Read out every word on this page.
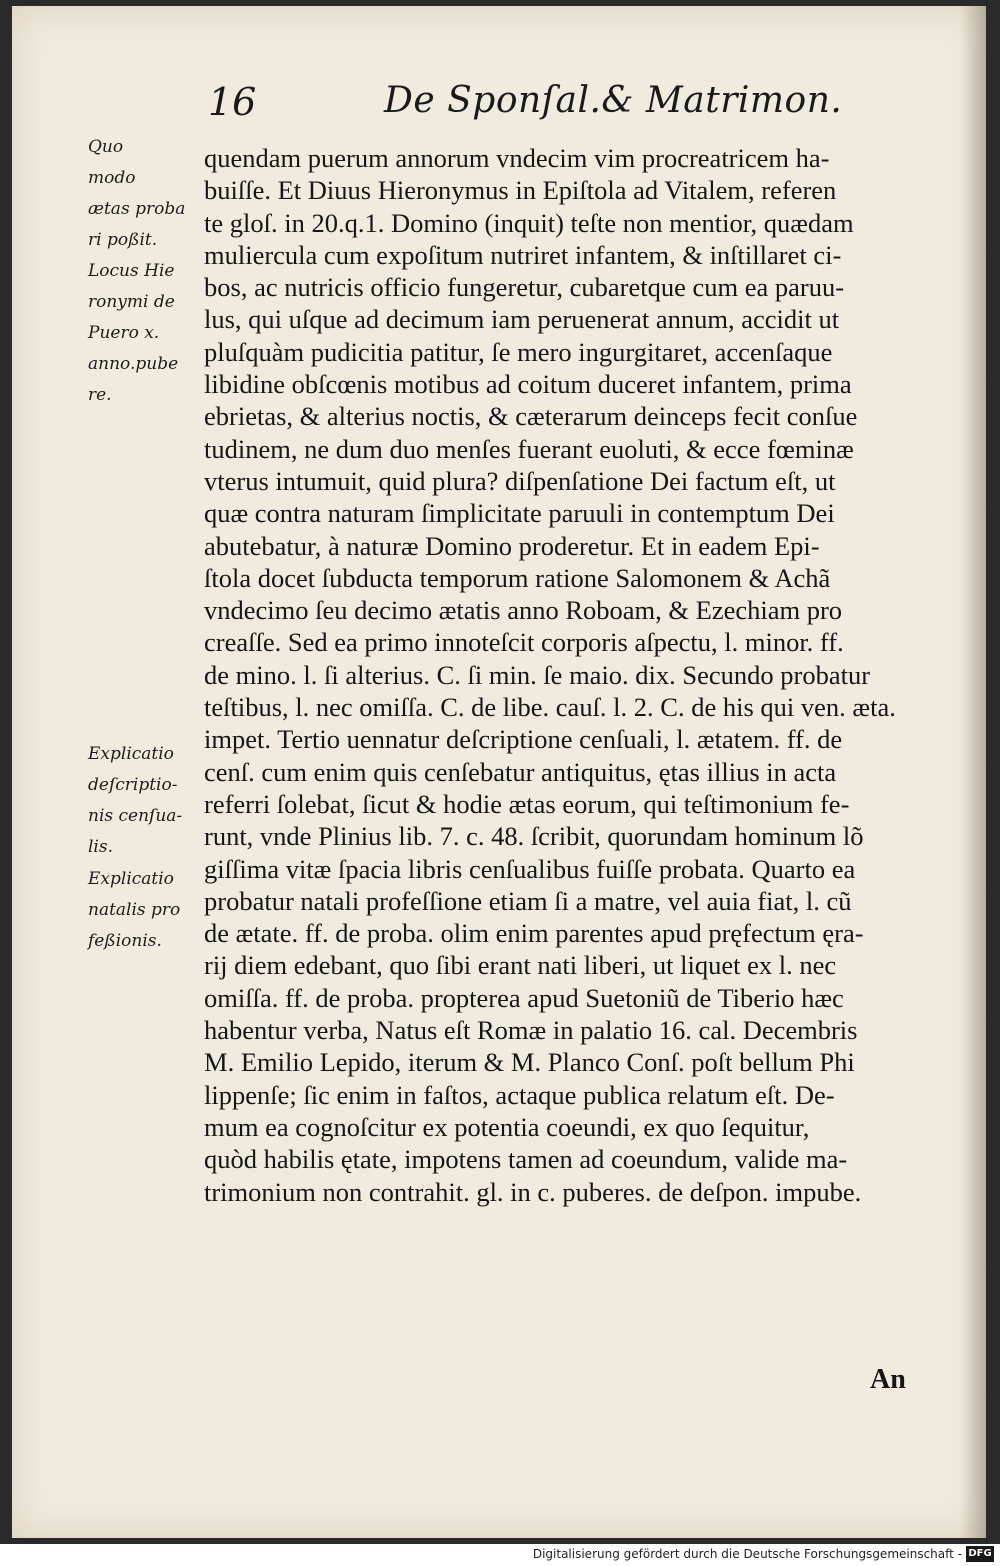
16	De Sponſal.& Matrimon.
Quo
modo
ætas proba
ri poßit.
Locus Hie
ronymi de
Puero x.
anno.pube
re.
Explicatio
deſcriptio-
nis cenſua-
lis.
Explicatio
natalis pro
feßionis.
quendam puerum annorum vndecim vim procreatricem ha-
buiſſe. Et Diuus Hieronymus in Epiſtola ad Vitalem, referen
te gloſ. in 20.q.1. Domino (inquit) teſte non mentior, quædam
muliercula cum expoſitum nutriret infantem, & inſtillaret ci-
bos, ac nutricis officio fungeretur, cubaretque cum ea paruu-
lus, qui uſque ad decimum iam peruenerat annum, accidit ut
pluſquàm pudicitia patitur, ſe mero ingurgitaret, accenſaque
libidine obſcœnis motibus ad coitum duceret infantem, prima
ebrietas, & alterius noctis, & cæterarum deinceps fecit conſue
tudinem, ne dum duo menſes fuerant euoluti, & ecce fœminæ
vterus intumuit, quid plura? diſpenſatione Dei factum eſt, ut
quæ contra naturam ſimplicitate paruuli in contemptum Dei
abutebatur, à naturæ Domino proderetur. Et in eadem Epi-
ſtola docet ſubducta temporum ratione Salomonem & Achã
vndecimo ſeu decimo ætatis anno Roboam, & Ezechiam pro
creaſſe. Sed ea primo innoteſcit corporis aſpectu, l. minor. ff.
de mino. l. ſi alterius. C. ſi min. ſe maio. dix. Secundo probatur
teſtibus, l. nec omiſſa. C. de libe. cauſ. l. 2. C. de his qui ven. æta.
impet. Tertio uennatur deſcriptione cenſuali, l. ætatem. ff. de
cenſ. cum enim quis cenſebatur antiquitus, ętas illius in acta
referri ſolebat, ſicut & hodie ætas eorum, qui teſtimonium fe-
runt, vnde Plinius lib. 7. c. 48. ſcribit, quorundam hominum lõ
giſſima vitæ ſpacia libris cenſualibus fuiſſe probata. Quarto ea
probatur natali profeſſione etiam ſi a matre, vel auia fiat, l. cũ
de ætate. ff. de proba. olim enim parentes apud pręfectum ęra-
rij diem edebant, quo ſibi erant nati liberi, ut liquet ex l. nec
omiſſa. ff. de proba. propterea apud Suetoniũ de Tiberio hæc
habentur verba, Natus eſt Romæ in palatio 16. cal. Decembris
M. Emilio Lepido, iterum & M. Planco Conſ. poſt bellum Phi
lippenſe; ſic enim in faſtos, actaque publica relatum eſt. De-
mum ea cognoſcitur ex potentia coeundi, ex quo ſequitur,
quòd habilis ętate, impotens tamen ad coeundum, valide ma-
trimonium non contrahit. gl. in c. puberes. de deſpon. impube.
An
Digitalisierung gefördert durch die Deutsche Forschungsgemeinschaft - DFG
